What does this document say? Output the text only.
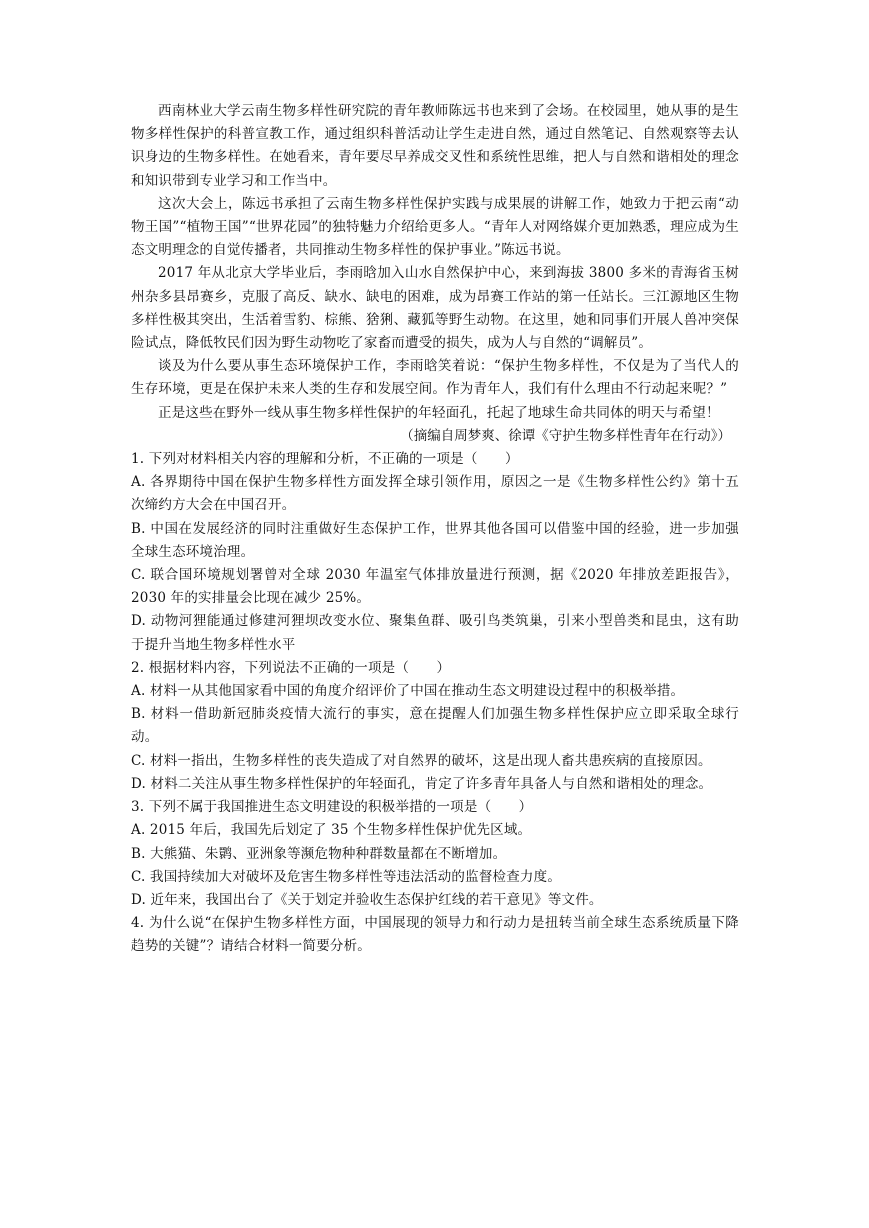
西南林业大学云南生物多样性研究院的青年教师陈远书也来到了会场。在校园里，她从事的是生物多样性保护的科普宣教工作，通过组织科普活动让学生走进自然，通过自然笔记、自然观察等去认识身边的生物多样性。在她看来，青年要尽早养成交叉性和系统性思维，把人与自然和谐相处的理念和知识带到专业学习和工作当中。

这次大会上，陈远书承担了云南生物多样性保护实践与成果展的讲解工作，她致力于把云南“动物王国”“植物王国”“世界花园”的独特魅力介绍给更多人。“青年人对网络媒介更加熟悉，理应成为生态文明理念的自觉传播者，共同推动生物多样性的保护事业。”陈远书说。

2017 年从北京大学毕业后，李雨晗加入山水自然保护中心，来到海拔 3800 多米的青海省玉树州杂多县昂赛乡，克服了高反、缺水、缺电的困难，成为昂赛工作站的第一任站长。三江源地区生物多样性极其突出，生活着雪豹、棕熊、猞猁、藏狐等野生动物。在这里，她和同事们开展人兽冲突保险试点，降低牧民们因为野生动物吃了家畜而遭受的损失，成为人与自然的“调解员”。

谈及为什么要从事生态环境保护工作，李雨晗笑着说：“保护生物多样性，不仅是为了当代人的生存环境，更是在保护未来人类的生存和发展空间。作为青年人，我们有什么理由不行动起来呢？”

正是这些在野外一线从事生物多样性保护的年轻面孔，托起了地球生命共同体的明天与希望！

（摘编自周梦爽、徐谭《守护生物多样性青年在行动》）

1. 下列对材料相关内容的理解和分析，不正确的一项是（　　）

A. 各界期待中国在保护生物多样性方面发挥全球引领作用，原因之一是《生物多样性公约》第十五次缔约方大会在中国召开。

B. 中国在发展经济的同时注重做好生态保护工作，世界其他各国可以借鉴中国的经验，进一步加强全球生态环境治理。

C. 联合国环境规划署曾对全球 2030 年温室气体排放量进行预测，据《2020 年排放差距报告》，2030 年的实排量会比现在减少 25%。

D. 动物河狸能通过修建河狸坝改变水位、聚集鱼群、吸引鸟类筑巢，引来小型兽类和昆虫，这有助于提升当地生物多样性水平

2. 根据材料内容，下列说法不正确的一项是（　　）

A. 材料一从其他国家看中国的角度介绍评价了中国在推动生态文明建设过程中的积极举措。

B. 材料一借助新冠肺炎疫情大流行的事实，意在提醒人们加强生物多样性保护应立即采取全球行动。

C. 材料一指出，生物多样性的丧失造成了对自然界的破坏，这是出现人畜共患疾病的直接原因。

D. 材料二关注从事生物多样性保护的年轻面孔，肯定了许多青年具备人与自然和谐相处的理念。

3. 下列不属于我国推进生态文明建设的积极举措的一项是（　　）

A. 2015 年后，我国先后划定了 35 个生物多样性保护优先区域。

B. 大熊猫、朱鹮、亚洲象等濒危物种种群数量都在不断增加。

C. 我国持续加大对破坏及危害生物多样性等违法活动的监督检查力度。

D. 近年来，我国出台了《关于划定并验收生态保护红线的若干意见》等文件。

4. 为什么说“在保护生物多样性方面，中国展现的领导力和行动力是扭转当前全球生态系统质量下降趋势的关键”？请结合材料一简要分析。
